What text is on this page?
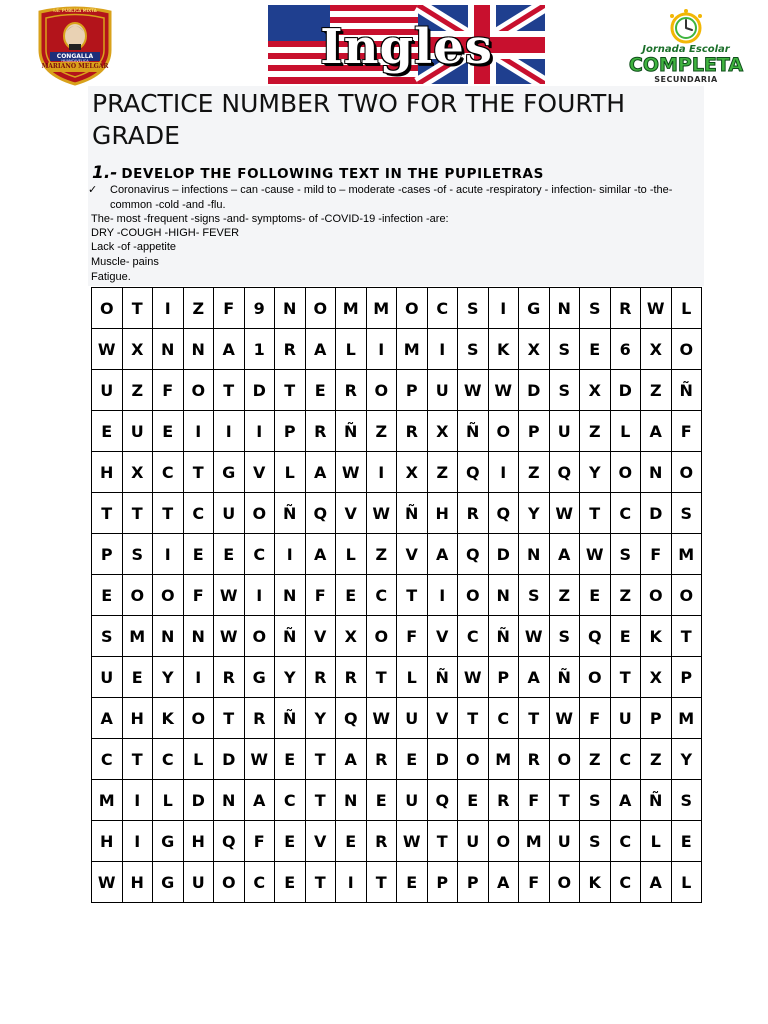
I.E. PUBLICA MIXTA
CONGALLA
HUANCAVELICA
MARIANO MELGAR	Ingles	Jornada Escolar
COMPLETA
SECUNDARIA
PRACTICE NUMBER TWO FOR THE FOURTH GRADE
1.- DEVELOP THE FOLLOWING TEXT IN THE PUPILETRAS
✓ Coronavirus – infections – can -cause - mild to – moderate -cases -of - acute -respiratory - infection- similar -to -the- common -cold -and -flu.
The- most -frequent -signs -and- symptoms- of -COVID-19 -infection -are:
DRY -COUGH -HIGH- FEVER
Lack -of -appetite
Muscle- pains
Fatigue.
O	T	I	Z	F	9	N	O	M	M	O	C	S	I	G	N	S	R	W	L
W	X	N	N	A	1	R	A	L	I	M	I	S	K	X	S	E	6	X	O
U	Z	F	O	T	D	T	E	R	O	P	U	W	W	D	S	X	D	Z	Ñ
E	U	E	I	I	I	P	R	Ñ	Z	R	X	Ñ	O	P	U	Z	L	A	F
H	X	C	T	G	V	L	A	W	I	X	Z	Q	I	Z	Q	Y	O	N	O
T	T	T	C	U	O	Ñ	Q	V	W	Ñ	H	R	Q	Y	W	T	C	D	S
P	S	I	E	E	C	I	A	L	Z	V	A	Q	D	N	A	W	S	F	M
E	O	O	F	W	I	N	F	E	C	T	I	O	N	S	Z	E	Z	O	O
S	M	N	N	W	O	Ñ	V	X	O	F	V	C	Ñ	W	S	Q	E	K	T
U	E	Y	I	R	G	Y	R	R	T	L	Ñ	W	P	A	Ñ	O	T	X	P
A	H	K	O	T	R	Ñ	Y	Q	W	U	V	T	C	T	W	F	U	P	M
C	T	C	L	D	W	E	T	A	R	E	D	O	M	R	O	Z	C	Z	Y
M	I	L	D	N	A	C	T	N	E	U	Q	E	R	F	T	S	A	Ñ	S
H	I	G	H	Q	F	E	V	E	R	W	T	U	O	M	U	S	C	L	E
W	H	G	U	O	C	E	T	I	T	E	P	P	A	F	O	K	C	A	L
